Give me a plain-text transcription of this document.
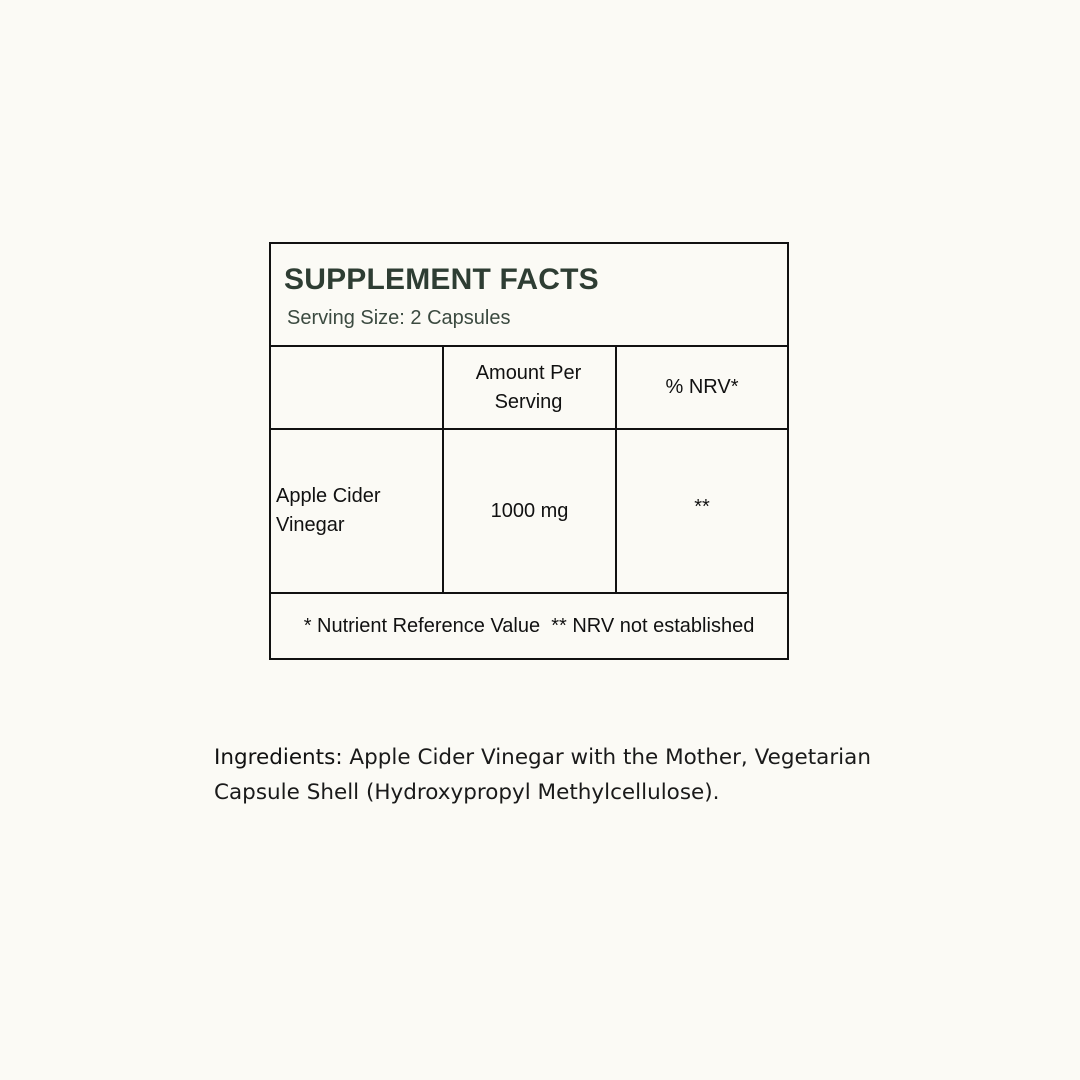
SUPPLEMENT FACTS
Serving Size: 2 Capsules
Amount Per Serving
% NRV*
Apple Cider Vinegar
1000 mg	**
* Nutrient Reference Value  ** NRV not established
Ingredients: Apple Cider Vinegar with the Mother, Vegetarian Capsule Shell (Hydroxypropyl Methylcellulose).
